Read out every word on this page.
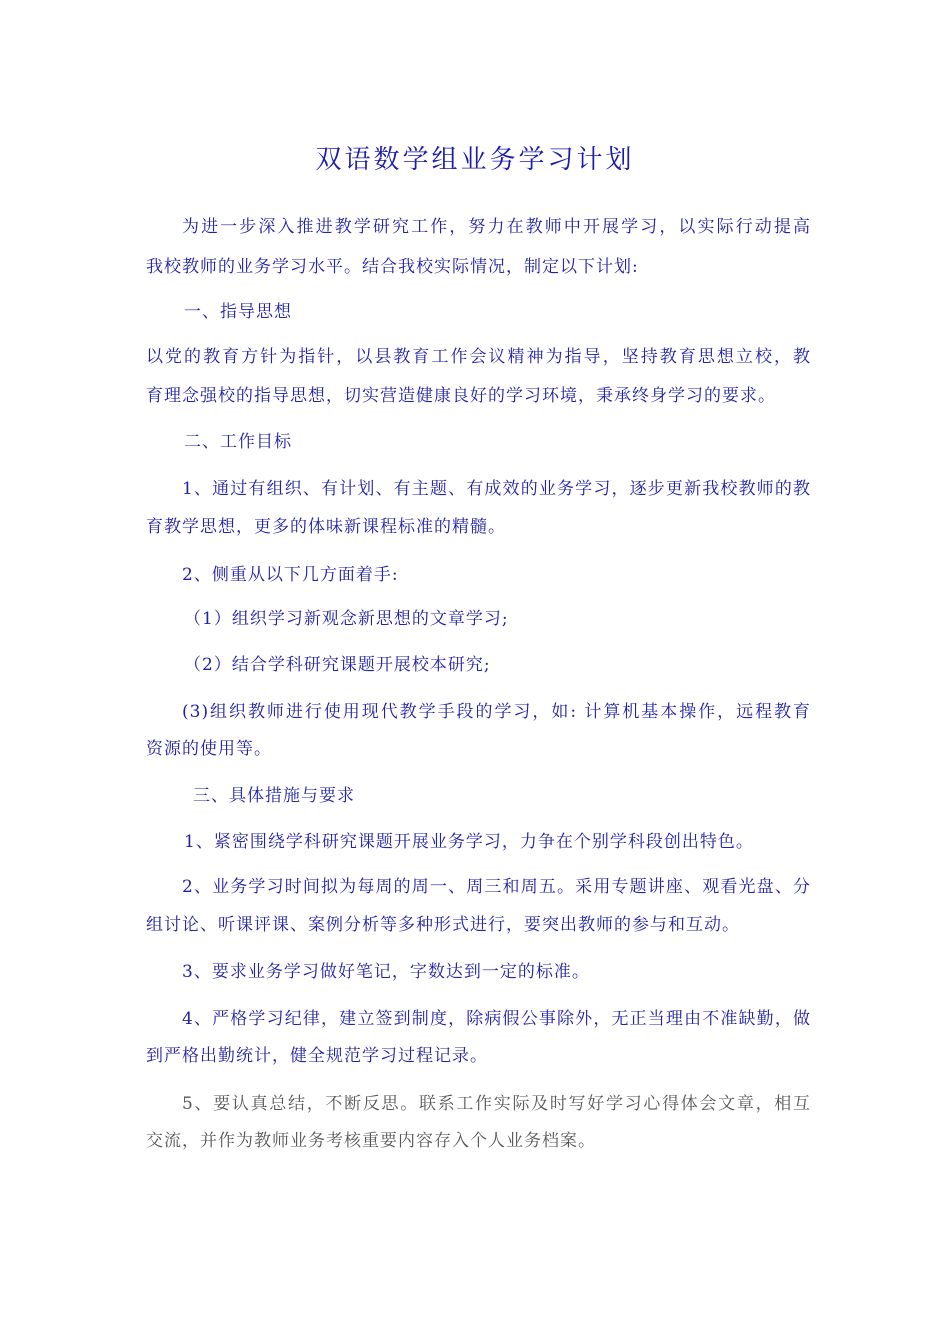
双语数学组业务学习计划
为进一步深入推进教学研究工作，努力在教师中开展学习，以实际行动提高
我校教师的业务学习水平。结合我校实际情况，制定以下计划:
一、指导思想
以党的教育方针为指针，以县教育工作会议精神为指导，坚持教育思想立校，教
育理念强校的指导思想，切实营造健康良好的学习环境，秉承终身学习的要求。
二、工作目标
1、通过有组织、有计划、有主题、有成效的业务学习，逐步更新我校教师的教
育教学思想，更多的体味新课程标准的精髓。
2、侧重从以下几方面着手:
（1）组织学习新观念新思想的文章学习;
（2）结合学科研究课题开展校本研究;
(3)组织教师进行使用现代教学手段的学习，如: 计算机基本操作，远程教育
资源的使用等。
三、具体措施与要求
1、紧密围绕学科研究课题开展业务学习，力争在个别学科段创出特色。
2、业务学习时间拟为每周的周一、周三和周五。采用专题讲座、观看光盘、分
组讨论、听课评课、案例分析等多种形式进行，要突出教师的参与和互动。
3、要求业务学习做好笔记，字数达到一定的标准。
4、严格学习纪律，建立签到制度，除病假公事除外，无正当理由不准缺勤，做
到严格出勤统计，健全规范学习过程记录。
5、要认真总结，不断反思。联系工作实际及时写好学习心得体会文章，相互
交流，并作为教师业务考核重要内容存入个人业务档案。
